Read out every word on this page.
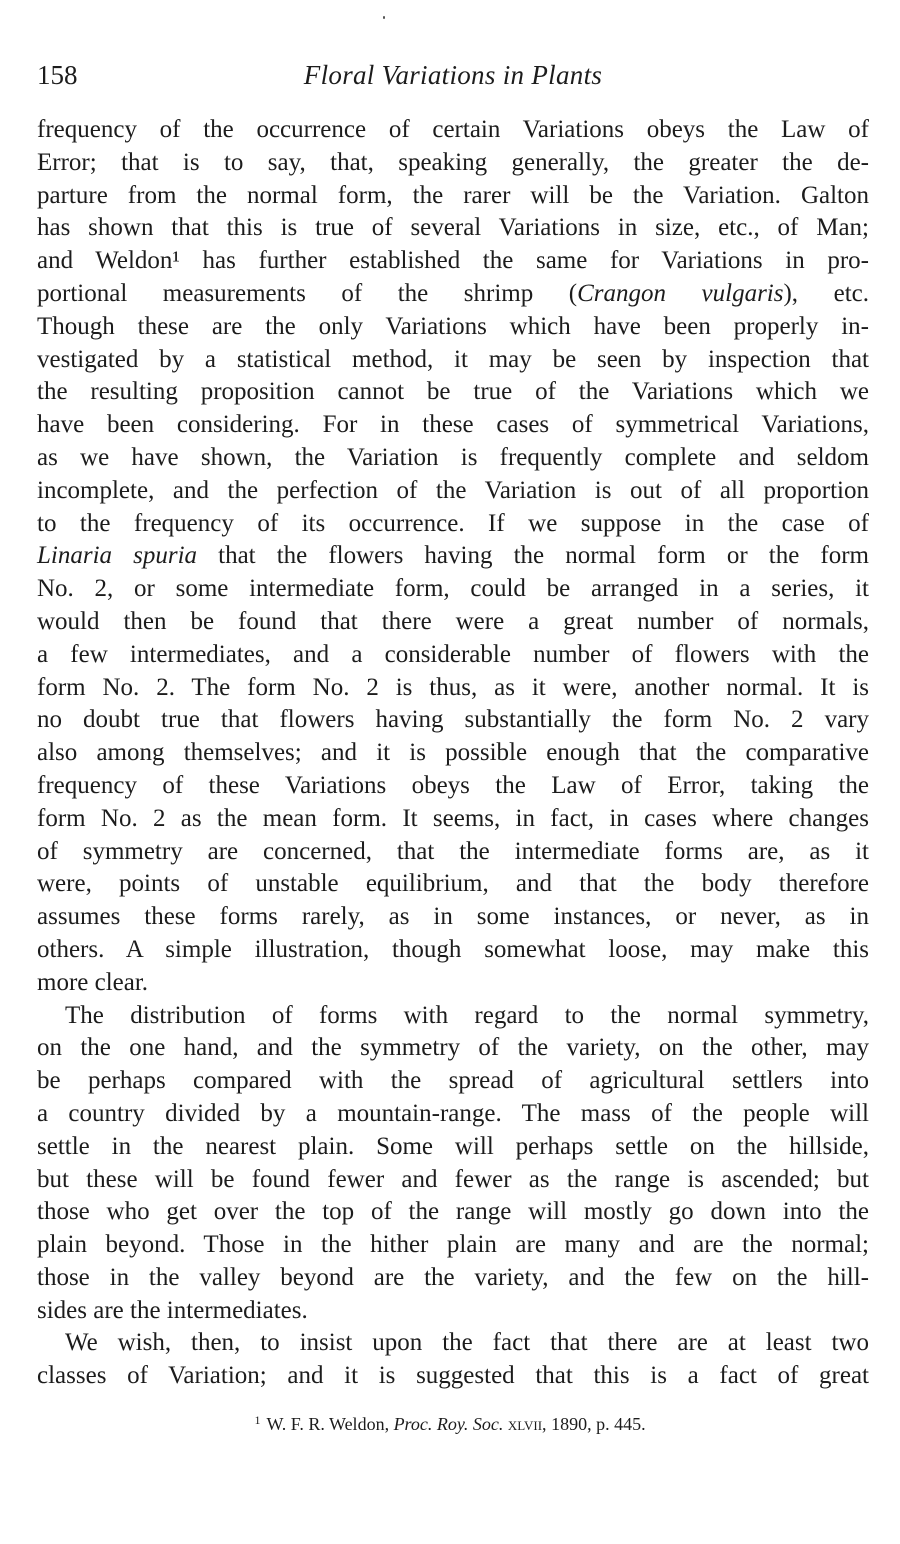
158	Floral Variations in Plants

frequency of the occurrence of certain Variations obeys the Law of
Error; that is to say, that, speaking generally, the greater the de-
parture from the normal form, the rarer will be the Variation. Galton
has shown that this is true of several Variations in size, etc., of Man;
and Weldon¹ has further established the same for Variations in pro-
portional measurements of the shrimp (Crangon vulgaris), etc.
Though these are the only Variations which have been properly in-
vestigated by a statistical method, it may be seen by inspection that
the resulting proposition cannot be true of the Variations which we
have been considering. For in these cases of symmetrical Variations,
as we have shown, the Variation is frequently complete and seldom
incomplete, and the perfection of the Variation is out of all proportion
to the frequency of its occurrence. If we suppose in the case of
Linaria spuria that the flowers having the normal form or the form
No. 2, or some intermediate form, could be arranged in a series, it
would then be found that there were a great number of normals,
a few intermediates, and a considerable number of flowers with the
form No. 2. The form No. 2 is thus, as it were, another normal. It is
no doubt true that flowers having substantially the form No. 2 vary
also among themselves; and it is possible enough that the comparative
frequency of these Variations obeys the Law of Error, taking the
form No. 2 as the mean form. It seems, in fact, in cases where changes
of symmetry are concerned, that the intermediate forms are, as it
were, points of unstable equilibrium, and that the body therefore
assumes these forms rarely, as in some instances, or never, as in
others. A simple illustration, though somewhat loose, may make this
more clear.

The distribution of forms with regard to the normal symmetry,
on the one hand, and the symmetry of the variety, on the other, may
be perhaps compared with the spread of agricultural settlers into
a country divided by a mountain-range. The mass of the people will
settle in the nearest plain. Some will perhaps settle on the hillside,
but these will be found fewer and fewer as the range is ascended; but
those who get over the top of the range will mostly go down into the
plain beyond. Those in the hither plain are many and are the normal;
those in the valley beyond are the variety, and the few on the hill-
sides are the intermediates.

We wish, then, to insist upon the fact that there are at least two
classes of Variation; and it is suggested that this is a fact of great

$^1$ W. F. R. Weldon, Proc. Roy. Soc. xlvii, 1890, p. 445.
